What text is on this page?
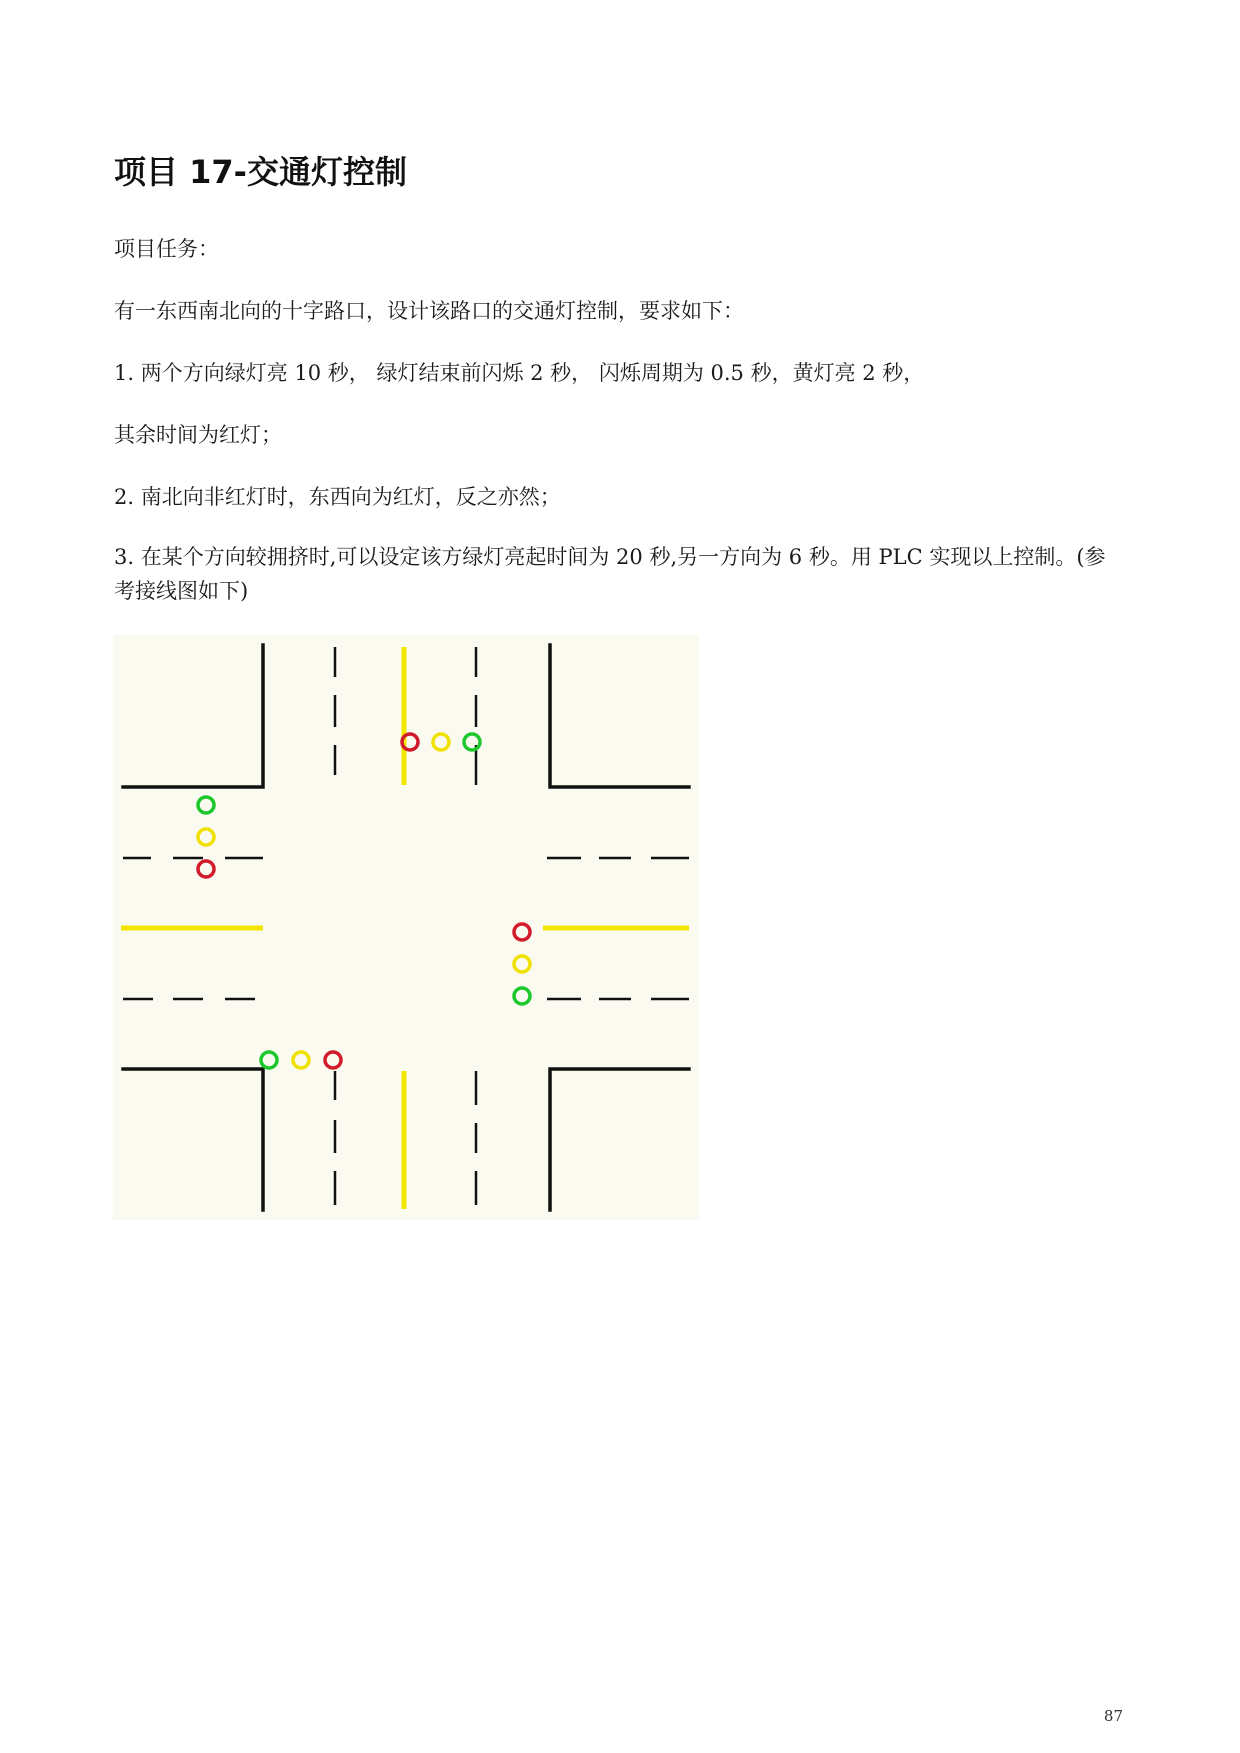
项目 17-交通灯控制

项目任务：

有一东西南北向的十字路口，设计该路口的交通灯控制，要求如下：

1. 两个方向绿灯亮 10 秒， 绿灯结束前闪烁 2 秒， 闪烁周期为 0.5 秒，黄灯亮 2 秒，

其余时间为红灯；

2. 南北向非红灯时，东西向为红灯，反之亦然；

3. 在某个方向较拥挤时,可以设定该方绿灯亮起时间为 20 秒,另一方向为 6 秒。用 PLC 实现以上控制。(参考接线图如下)

87
